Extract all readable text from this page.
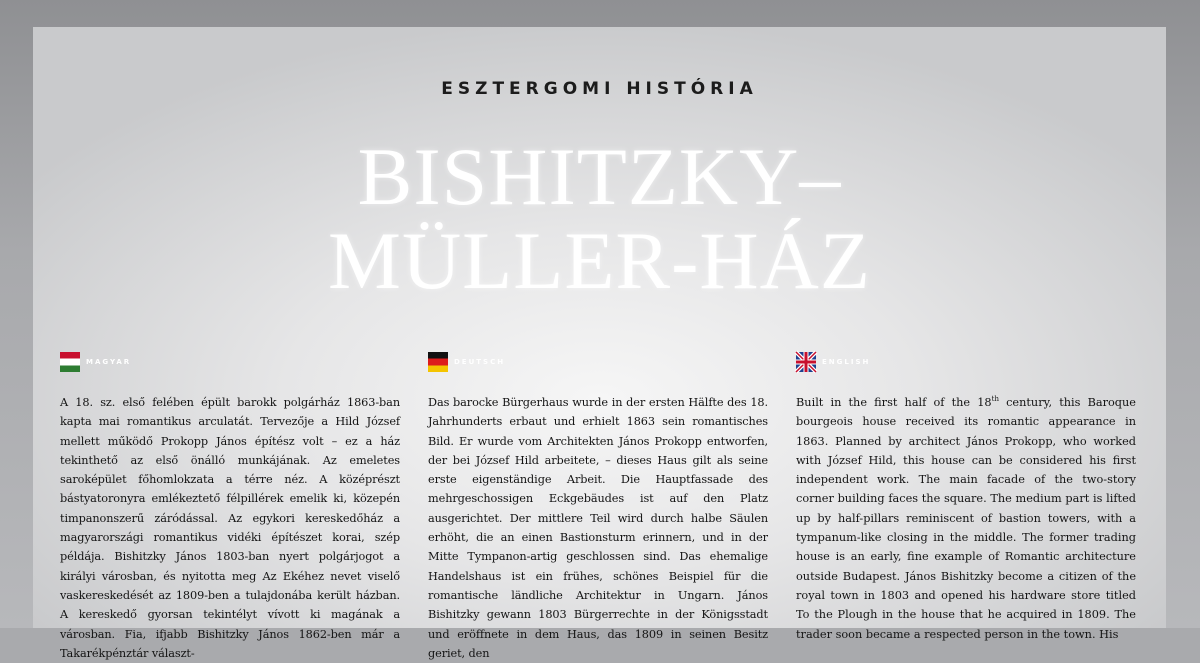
ESZTERGOMI HISTÓRIA
BISHITZKY–
MÜLLER-HÁZ
MAGYAR
A 18. sz. első felében épült barokk polgárház 1863-ban kapta mai romantikus arculatát. Tervezője a Hild József mellett működő Prokopp János építész volt – ez a ház tekinthető az első önálló munkájának. Az emeletes saroképület főhomlokzata a térre néz. A középrészt bástyatoronyra emlékeztető félpillérek emelik ki, közepén timpanonszerű záródással. Az egykori kereskedőház a magyarországi romantikus vidéki építészet korai, szép példája. Bishitzky János 1803-ban nyert polgárjogot a királyi városban, és nyitotta meg Az Ekéhez nevet viselő vaskereskedését az 1809-ben a tulajdonába került házban. A kereskedő gyorsan tekintélyt vívott ki magának a városban. Fia, ifjabb Bishitzky János 1862-ben már a Takarékpénztár választ-
DEUTSCH
Das barocke Bürgerhaus wurde in der ersten Hälfte des 18. Jahrhunderts erbaut und erhielt 1863 sein romantisches Bild. Er wurde vom Architekten János Prokopp entworfen, der bei József Hild arbeitete, – dieses Haus gilt als seine erste eigenständige Arbeit. Die Hauptfassade des mehrgeschossigen Eckgebäudes ist auf den Platz ausgerichtet. Der mittlere Teil wird durch halbe Säulen erhöht, die an einen Bastionsturm erinnern, und in der Mitte Tympanon-artig geschlossen sind. Das ehemalige Handelshaus ist ein frühes, schönes Beispiel für die romantische ländliche Architektur in Ungarn. János Bishitzky gewann 1803 Bürgerrechte in der Königsstadt und eröffnete in dem Haus, das 1809 in seinen Besitz geriet, den
ENGLISH
Built in the first half of the 18th century, this Baroque bourgeois house received its romantic appearance in 1863. Planned by architect János Prokopp, who worked with József Hild, this house can be considered his first independent work. The main facade of the two-story corner building faces the square. The medium part is lifted up by half-pillars reminiscent of bastion towers, with a tympanum-like closing in the middle. The former trading house is an early, fine example of Romantic architecture outside Budapest. János Bishitzky become a citizen of the royal town in 1803 and opened his hardware store titled To the Plough in the house that he acquired in 1809. The trader soon became a respected person in the town. His
